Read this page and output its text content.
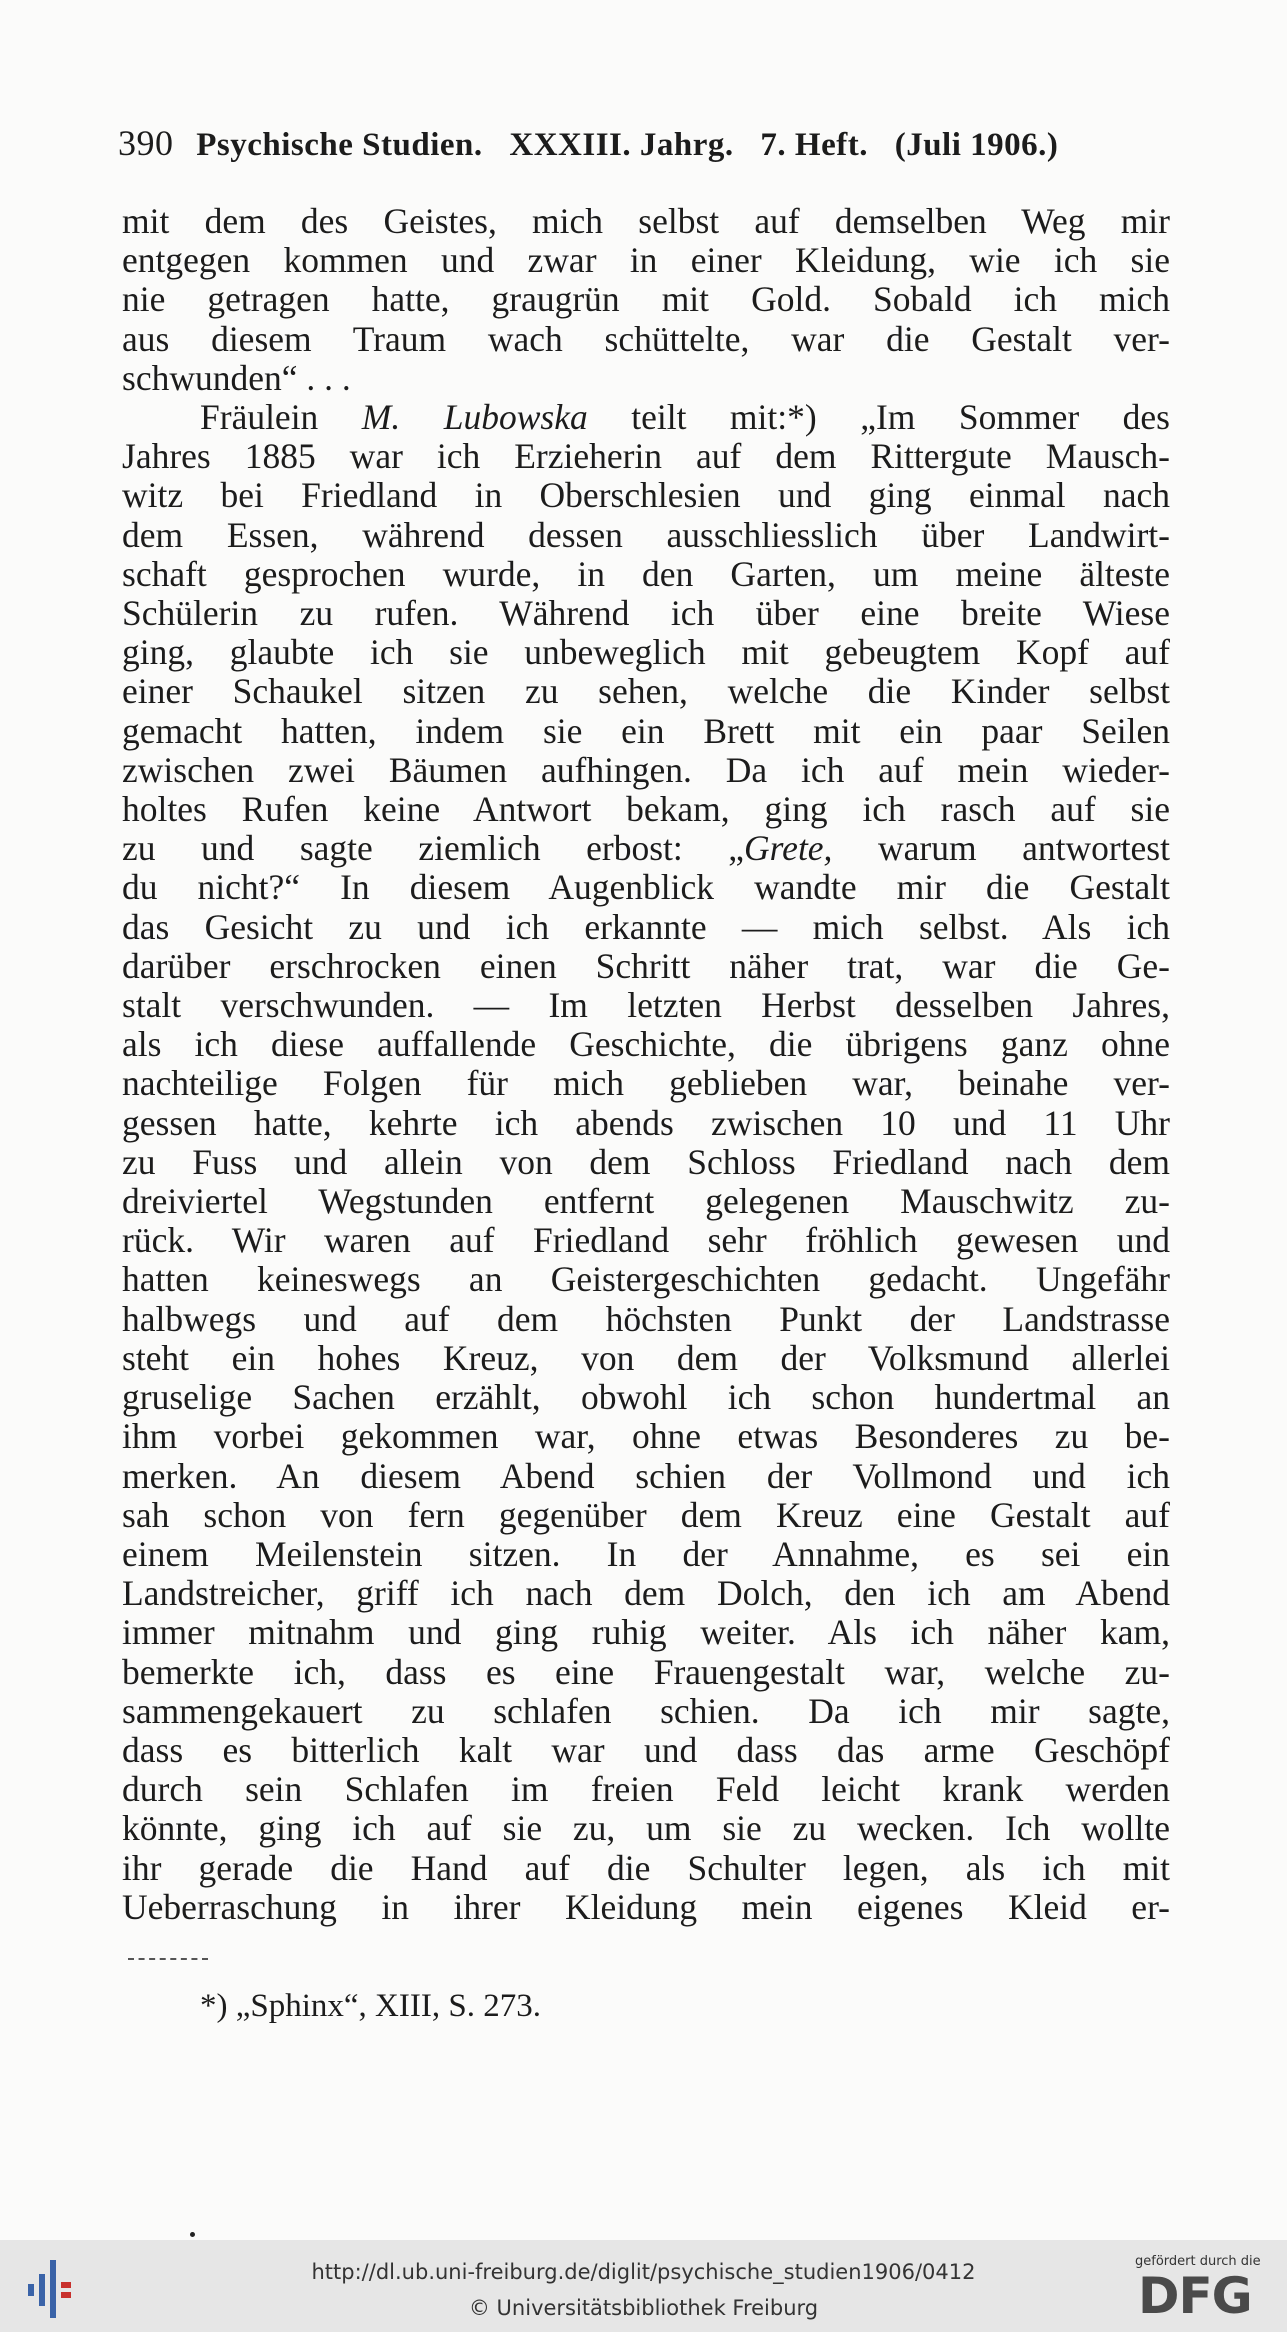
390 Psychische Studien. XXXIII. Jahrg. 7. Heft. (Juli 1906.)
mit dem des Geistes, mich selbst auf demselben Weg mir
entgegen kommen und zwar in einer Kleidung, wie ich sie
nie getragen hatte, graugrün mit Gold. Sobald ich mich
aus diesem Traum wach schüttelte, war die Gestalt ver-
schwunden“ . . .
Fräulein M. Lubowska teilt mit:*) „Im Sommer des
Jahres 1885 war ich Erzieherin auf dem Rittergute Mausch-
witz bei Friedland in Oberschlesien und ging einmal nach
dem Essen, während dessen ausschliesslich über Landwirt-
schaft gesprochen wurde, in den Garten, um meine älteste
Schülerin zu rufen. Während ich über eine breite Wiese
ging, glaubte ich sie unbeweglich mit gebeugtem Kopf auf
einer Schaukel sitzen zu sehen, welche die Kinder selbst
gemacht hatten, indem sie ein Brett mit ein paar Seilen
zwischen zwei Bäumen aufhingen. Da ich auf mein wieder-
holtes Rufen keine Antwort bekam, ging ich rasch auf sie
zu und sagte ziemlich erbost: „Grete, warum antwortest
du nicht?“ In diesem Augenblick wandte mir die Gestalt
das Gesicht zu und ich erkannte — mich selbst. Als ich
darüber erschrocken einen Schritt näher trat, war die Ge-
stalt verschwunden. — Im letzten Herbst desselben Jahres,
als ich diese auffallende Geschichte, die übrigens ganz ohne
nachteilige Folgen für mich geblieben war, beinahe ver-
gessen hatte, kehrte ich abends zwischen 10 und 11 Uhr
zu Fuss und allein von dem Schloss Friedland nach dem
dreiviertel Wegstunden entfernt gelegenen Mauschwitz zu-
rück. Wir waren auf Friedland sehr fröhlich gewesen und
hatten keineswegs an Geistergeschichten gedacht. Ungefähr
halbwegs und auf dem höchsten Punkt der Landstrasse
steht ein hohes Kreuz, von dem der Volksmund allerlei
gruselige Sachen erzählt, obwohl ich schon hundertmal an
ihm vorbei gekommen war, ohne etwas Besonderes zu be-
merken. An diesem Abend schien der Vollmond und ich
sah schon von fern gegenüber dem Kreuz eine Gestalt auf
einem Meilenstein sitzen. In der Annahme, es sei ein
Landstreicher, griff ich nach dem Dolch, den ich am Abend
immer mitnahm und ging ruhig weiter. Als ich näher kam,
bemerkte ich, dass es eine Frauengestalt war, welche zu-
sammengekauert zu schlafen schien. Da ich mir sagte,
dass es bitterlich kalt war und dass das arme Geschöpf
durch sein Schlafen im freien Feld leicht krank werden
könnte, ging ich auf sie zu, um sie zu wecken. Ich wollte
ihr gerade die Hand auf die Schulter legen, als ich mit
Ueberraschung in ihrer Kleidung mein eigenes Kleid er-
*) „Sphinx“, XIII, S. 273.
http://dl.ub.uni-freiburg.de/diglit/psychische_studien1906/0412
© Universitätsbibliothek Freiburg
gefördert durch die
DFG
